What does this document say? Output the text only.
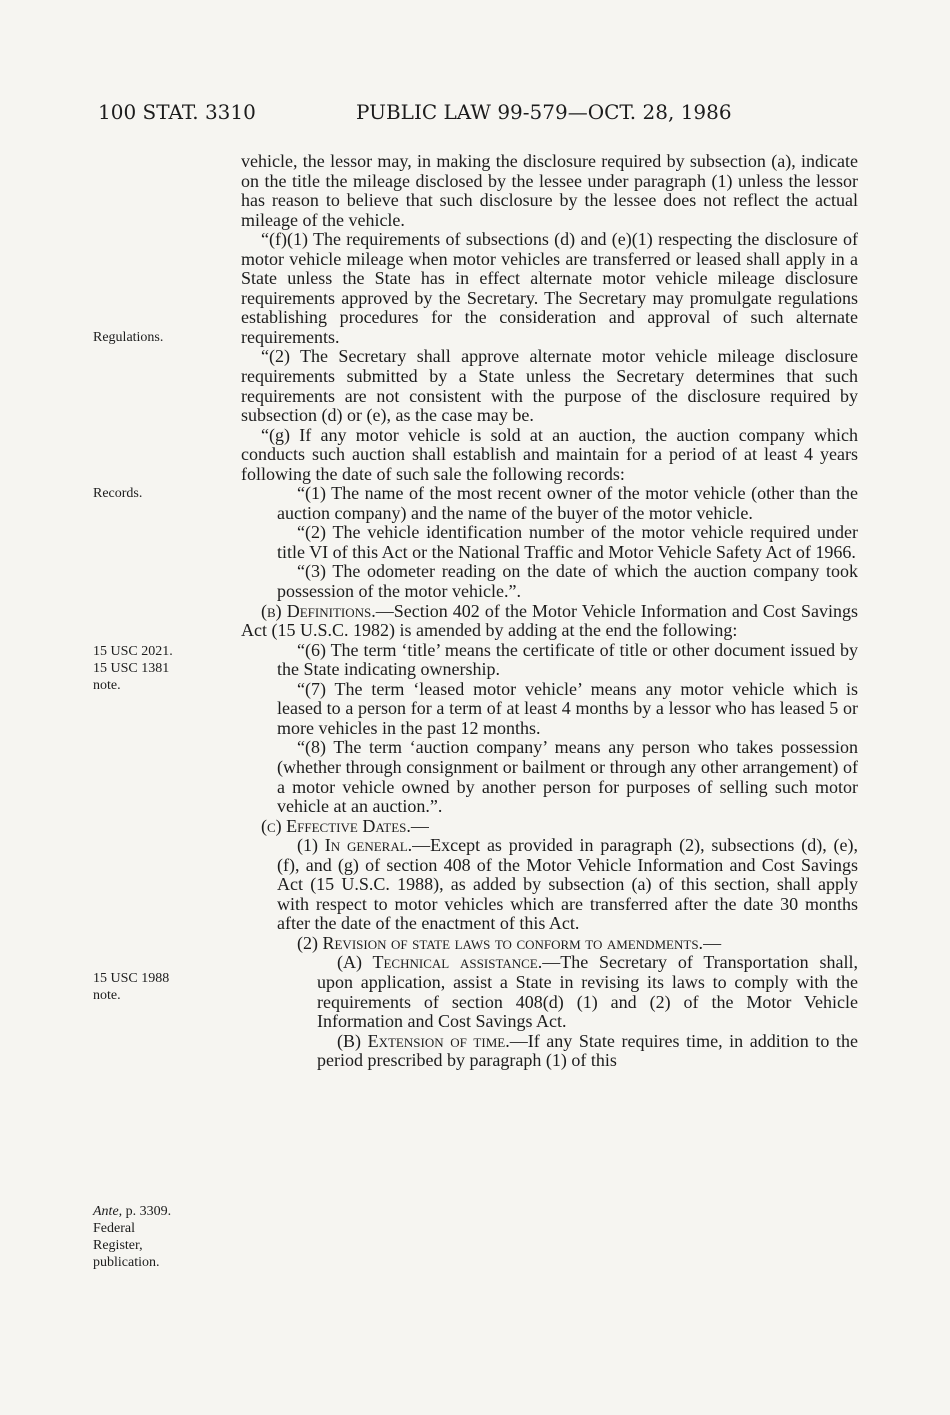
100 STAT. 3310	PUBLIC LAW 99-579—OCT. 28, 1986
Regulations.
Records.
15 USC 2021.
15 USC 1381
note.
15 USC 1988
note.
Ante, p. 3309.
Federal
Register,
publication.

vehicle, the lessor may, in making the disclosure required by subsection (a), indicate on the title the mileage disclosed by the lessee under paragraph (1) unless the lessor has reason to believe that such disclosure by the lessee does not reflect the actual mileage of the vehicle.

“(f)(1) The requirements of subsections (d) and (e)(1) respecting the disclosure of motor vehicle mileage when motor vehicles are transferred or leased shall apply in a State unless the State has in effect alternate motor vehicle mileage disclosure requirements approved by the Secretary. The Secretary may promulgate regulations establishing procedures for the consideration and approval of such alternate requirements.

“(2) The Secretary shall approve alternate motor vehicle mileage disclosure requirements submitted by a State unless the Secretary determines that such requirements are not consistent with the purpose of the disclosure required by subsection (d) or (e), as the case may be.

“(g) If any motor vehicle is sold at an auction, the auction company which conducts such auction shall establish and maintain for a period of at least 4 years following the date of such sale the following records:

“(1) The name of the most recent owner of the motor vehicle (other than the auction company) and the name of the buyer of the motor vehicle.

“(2) The vehicle identification number of the motor vehicle required under title VI of this Act or the National Traffic and Motor Vehicle Safety Act of 1966.

“(3) The odometer reading on the date of which the auction company took possession of the motor vehicle.”.

(b) Definitions.—Section 402 of the Motor Vehicle Information and Cost Savings Act (15 U.S.C. 1982) is amended by adding at the end the following:

“(6) The term ‘title’ means the certificate of title or other document issued by the State indicating ownership.

“(7) The term ‘leased motor vehicle’ means any motor vehicle which is leased to a person for a term of at least 4 months by a lessor who has leased 5 or more vehicles in the past 12 months.

“(8) The term ‘auction company’ means any person who takes possession (whether through consignment or bailment or through any other arrangement) of a motor vehicle owned by another person for purposes of selling such motor vehicle at an auction.”.

(c) Effective Dates.—

(1) In general.—Except as provided in paragraph (2), subsections (d), (e), (f), and (g) of section 408 of the Motor Vehicle Information and Cost Savings Act (15 U.S.C. 1988), as added by subsection (a) of this section, shall apply with respect to motor vehicles which are transferred after the date 30 months after the date of the enactment of this Act.

(2) Revision of state laws to conform to amendments.—

(A) Technical assistance.—The Secretary of Transportation shall, upon application, assist a State in revising its laws to comply with the requirements of section 408(d) (1) and (2) of the Motor Vehicle Information and Cost Savings Act.

(B) Extension of time.—If any State requires time, in addition to the period prescribed by paragraph (1) of this
